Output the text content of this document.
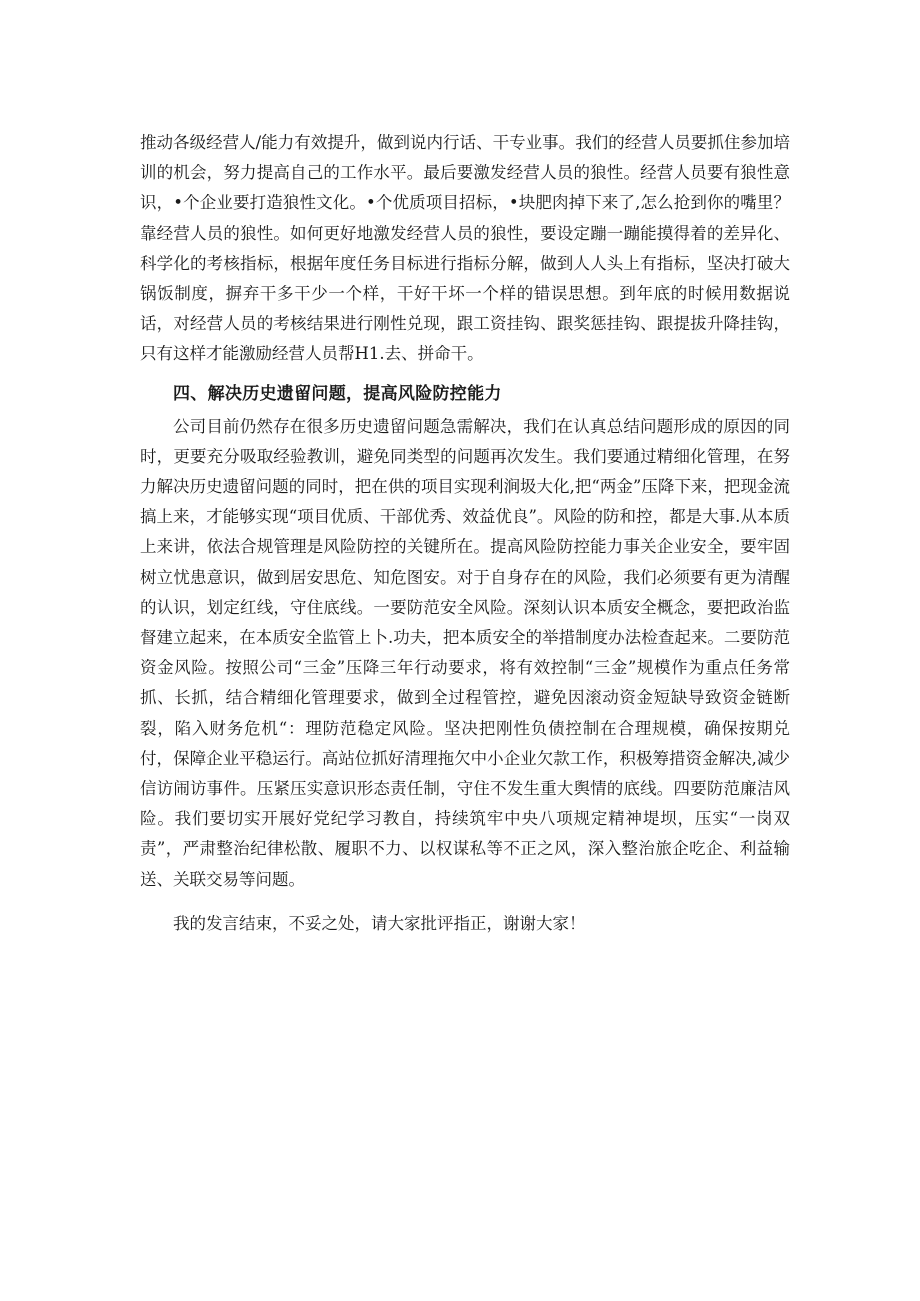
推动各级经营人/能力有效提升，做到说内行话、干专业事。我们的经营人员要抓住参加培训的机会，努力提高自己的工作水平。最后要激发经营人员的狼性。经营人员要有狼性意识，•个企业要打造狼性文化。•个优质项目招标，•块肥肉掉下来了,怎么抢到你的嘴里？靠经营人员的狼性。如何更好地激发经营人员的狼性，要设定蹦一蹦能摸得着的差异化、科学化的考核指标，根据年度任务目标进行指标分解，做到人人头上有指标，坚决打破大锅饭制度，摒弃干多干少一个样，干好干坏一个样的错误思想。到年底的时候用数据说话，对经营人员的考核结果进行刚性兑现，跟工资挂钩、跟奖惩挂钩、跟提拔升降挂钩，只有这样才能激励经营人员帮H1.去、拼命干。

四、解决历史遗留问题，提高风险防控能力

公司目前仍然存在很多历史遗留问题急需解决，我们在认真总结问题形成的原因的同时，更要充分吸取经验教训，避免同类型的问题再次发生。我们要通过精细化管理，在努力解决历史遗留问题的同时，把在供的项目实现利涧圾大化,把“两金”压降下来，把现金流搞上来，才能够实现“项目优质、干部优秀、效益优良”。风险的防和控，都是大事.从本质上来讲，依法合规管理是风险防控的关键所在。提高风险防控能力事关企业安全，要牢固树立忧患意识，做到居安思危、知危图安。对于自身存在的风险，我们必须要有更为清醒的认识，划定红线，守住底线。一要防范安全风险。深刻认识本质安全概念，要把政治监督建立起来，在本质安全监管上卜.功夫，把本质安全的举措制度办法检查起来。二要防范资金风险。按照公司“三金”压降三年行动要求，将有效控制“三金”规模作为重点任务常抓、长抓，结合精细化管理要求，做到全过程管控，避免因滚动资金短缺导致资金链断裂，陷入财务危机“：理防范稳定风险。坚决把刚性负债控制在合理规模，确保按期兑付，保障企业平稳运行。高站位抓好清理拖欠中小企业欠款工作，积极筹措资金解决,减少信访闹访事件。压紧压实意识形态责任制，守住不发生重大舆情的底线。四要防范廉洁风险。我们要切实开展好党纪学习教自，持续筑牢中央八项规定精神堤坝，压实“一岗双责”，严肃整治纪律松散、履职不力、以权谋私等不正之风，深入整治旅企吃企、利益输送、关联交易等问题。

我的发言结束，不妥之处，请大家批评指正，谢谢大家！
